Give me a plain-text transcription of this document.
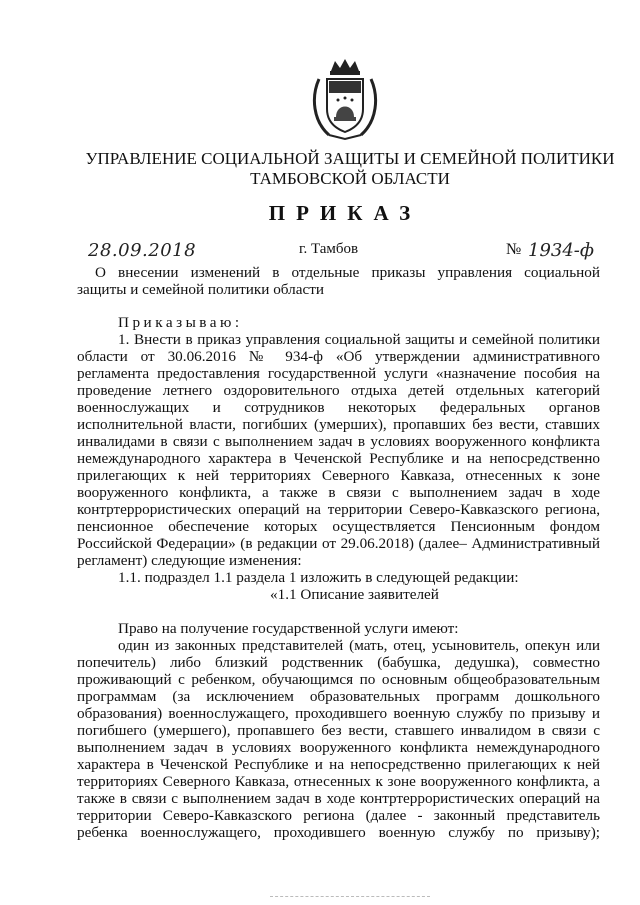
УПРАВЛЕНИЕ СОЦИАЛЬНОЙ ЗАЩИТЫ И СЕМЕЙНОЙ ПОЛИТИКИ
ТАМБОВСКОЙ ОБЛАСТИ
ПРИКАЗ
28.09.2018	г. Тамбов	№ 1934-ф
О внесении изменений в отдельные приказы управления социальной
защиты и семейной политики области
Приказываю:
1. Внести в приказ управления социальной защиты и семейной политики
области от 30.06.2016 № 934-ф «Об утверждении административного
регламента предоставления государственной услуги «назначение пособия на
проведение летнего оздоровительного отдыха детей отдельных категорий
военнослужащих и сотрудников некоторых федеральных органов
исполнительной власти, погибших (умерших), пропавших без вести, ставших
инвалидами в связи с выполнением задач в условиях вооруженного конфликта
немеждународного характера в Чеченской Республике и на непосредственно
прилегающих к ней территориях Северного Кавказа, отнесенных к зоне
вооруженного конфликта, а также в связи с выполнением задач в ходе
контртеррористических операций на территории Северо-Кавказского региона,
пенсионное обеспечение которых осуществляется Пенсионным фондом
Российской Федерации» (в редакции от 29.06.2018) (далее– Административный
регламент) следующие изменения:
1.1. подраздел 1.1 раздела 1 изложить в следующей редакции:
«1.1 Описание заявителей
Право на получение государственной услуги имеют:
один из законных представителей (мать, отец, усыновитель, опекун или
попечитель) либо близкий родственник (бабушка, дедушка), совместно
проживающий с ребенком, обучающимся по основным общеобразовательным
программам (за исключением образовательных программ дошкольного
образования) военнослужащего, проходившего военную службу по призыву и
погибшего (умершего), пропавшего без вести, ставшего инвалидом в связи с
выполнением задач в условиях вооруженного конфликта немеждународного
характера в Чеченской Республике и на непосредственно прилегающих к ней
территориях Северного Кавказа, отнесенных к зоне вооруженного конфликта, а
также в связи с выполнением задач в ходе контртеррористических операций на
территории Северо-Кавказского региона (далее - законный представитель
ребенка военнослужащего, проходившего военную службу по призыву);
